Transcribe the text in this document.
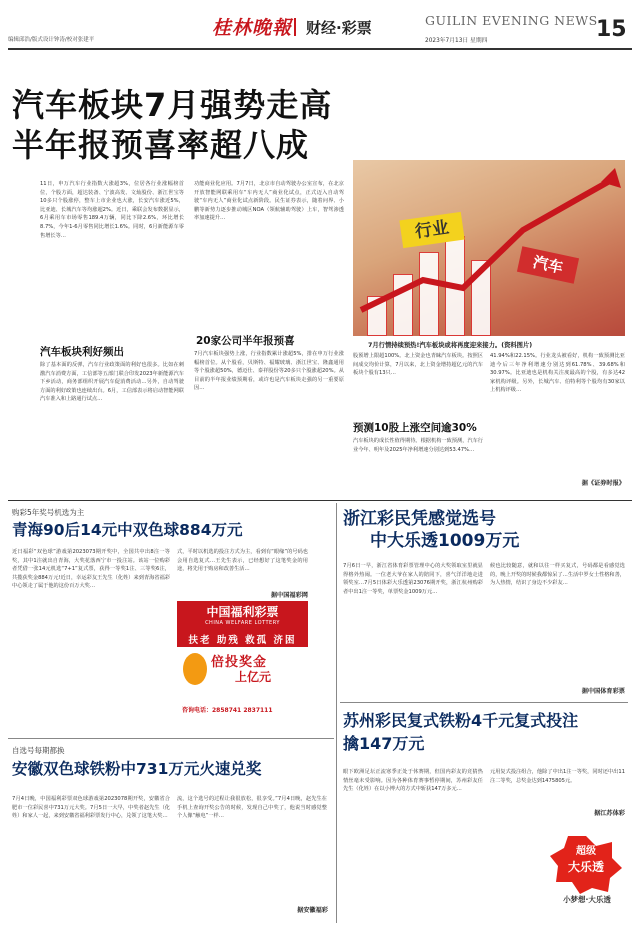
编辑邱浩/版式设计钟涛/校对张建平
桂林晚報 财经·彩票	GUILIN EVENING NEWS
2023年7月13日 星期四	15
汽车板块7月强势走高
半年报预喜率超八成
11日，申万汽车行业指数大涨超3%，位居各行业涨幅榜首位，个股方面，超达装备、宁波高发、文灿股份、浙江世宝等10多只个股涨停，整车上市企业也大涨，长安汽车涨近5%，比亚迪、长城汽车等均涨超2%。近日，乘联会发布数据显示，6月乘用车市场零售189.4万辆，同比下降2.6%，环比增长8.7%，今年1-6月零售同比增长1.6%。同时，6月新能源车零售增长等…
功能商业化应用。7月7日，北京市自动驾驶办公室宣布，在北京开放智能网联乘用车“车内无人”商业化试点，正式迈入自动驾驶“车内无人”商业化试点新阶段。民生证券表示，随着问界、小鹏等新势力逐步推动城区NOA（领航辅助驾驶）上车，智驾渗透率加速提升…	行业
汽车
7月行情持续预热!汽车板块或将再度迎来接力。(资料图片)
汽车板块利好频出
除了基本面的反弹，汽车行业政策面的利好也很多。比如在刺激汽车消费方面，工信部等五部门联合印发2023年新能源汽车下乡活动，商务部组织开展汽车促消费活动…另外，自动驾驶方面的利好政策也连续出台。6月，工信部表示将启动智能网联汽车准入和上路通行试点…
20家公司半年报预喜
7月汽车板块强势上涨，行业指数累计涨超5%，排在申万行业涨幅榜首位。从个股看，贝斯特、福耀玻璃、浙江世宝、隆鑫通用等个股涨超50%，德迈仕、泰祥股份等20多只个股涨超20%。从目前的半年报业绩预期看，或许也是汽车板块走强的另一重要原因…
股预增上限超100%。北上资金也青睐汽车板块。按照区间成交均价计算，7月以来，北上资金增持超亿元的汽车板块个股有13只…
预测10股上涨空间逾30%
汽车板块的成长性值得期待。根据机构一致预测，汽车行业今年、明年及2025年净利增速分别达到53.47%…
41.94%和22.15%。行业龙头被看好，机构一致预测比亚迪今后三年净利增速分别达到61.78%、39.68%和30.97%。比亚迪也是机构关注度最高的个股，有多达42家机构评级。另外，长城汽车、伯特利等个股均有30家以上机构评级…
据《证券时报》
购彩5年奖号机选为主
青海90后14元中双色球884万元
近日福彩“双色球”游戏第2023073期开奖中，全国共中出8注一等奖，其中1注就出自青海，大奖花落西宁市一投注站。该站一位购彩者凭借一张14元机选“7+1”复式票，获得一等奖1注、三等奖6注，共揽获奖金884万元!近日，幸运彩友王先生（化姓）来到青海省福彩中心领走了属于他的这份百万大奖…
式，平时以机选的投注方式为主，看到有“眼缘”的号码也会用自选复式…王先生表示，已经想好了这笔奖金的用途，将先用于购房和改善生活…
据中国福彩网
中国福利彩票
CHINA WELFARE LOTTERY
扶老 助残 救孤 济困
倍投奖金
上亿元
咨询电话：2858741 2837111
自选号每期都换
安徽双色球铁粉中731万元火速兑奖
7月4日晚，中国福利彩票双色球游戏第2023078期开奖，安徽省合肥市一位彩民喜中731万元大奖。7月5日一大早，中奖者赵先生（化姓）和家人一起，来到安徽省福利彩票发行中心，兑领了这笔大奖…
流，这个选号的过程让我很放松，很享受。”7月4日晚，赵先生在手机上查询开奖公告的时候，发现自己中奖了，他说当时感觉整个人像“触电”一样…
据安徽福彩
浙江彩民凭感觉选号
中大乐透1009万元
7月6日一早，浙江省体育彩票管理中心的大奖领取室里就显得格外热闹。一位老大爷在家人的陪同下，喜气洋洋地走进领奖室…7月5日体彩大乐透第23076期开奖，浙江杭州购彩者中出1注一等奖，单票奖金1009万元…
候也比较随意，就和以往一样买复式，号码都是看感觉选的，晚上开奖的时候我都惊呆了…生活中罗女士性格和善，为人热情，结识了身边不少彩友…
据中国体育彩票
苏州彩民复式铁粉4千元复式投注
擒147万元
眼下欧洲足坛正流寒季正处于休赛期，但国内彩友的竞猜热情丝毫未受影响。因为各种体育赛事暂停期间，苏州彩友任先生（化姓）在以小博大的方式中斩获147万多元…
元用复式投注组合，他除了中出1注一等奖，同时还中出11注二等奖，总奖金达到1475805元。
据江苏体彩
超级
大乐透
小梦想·大乐透
